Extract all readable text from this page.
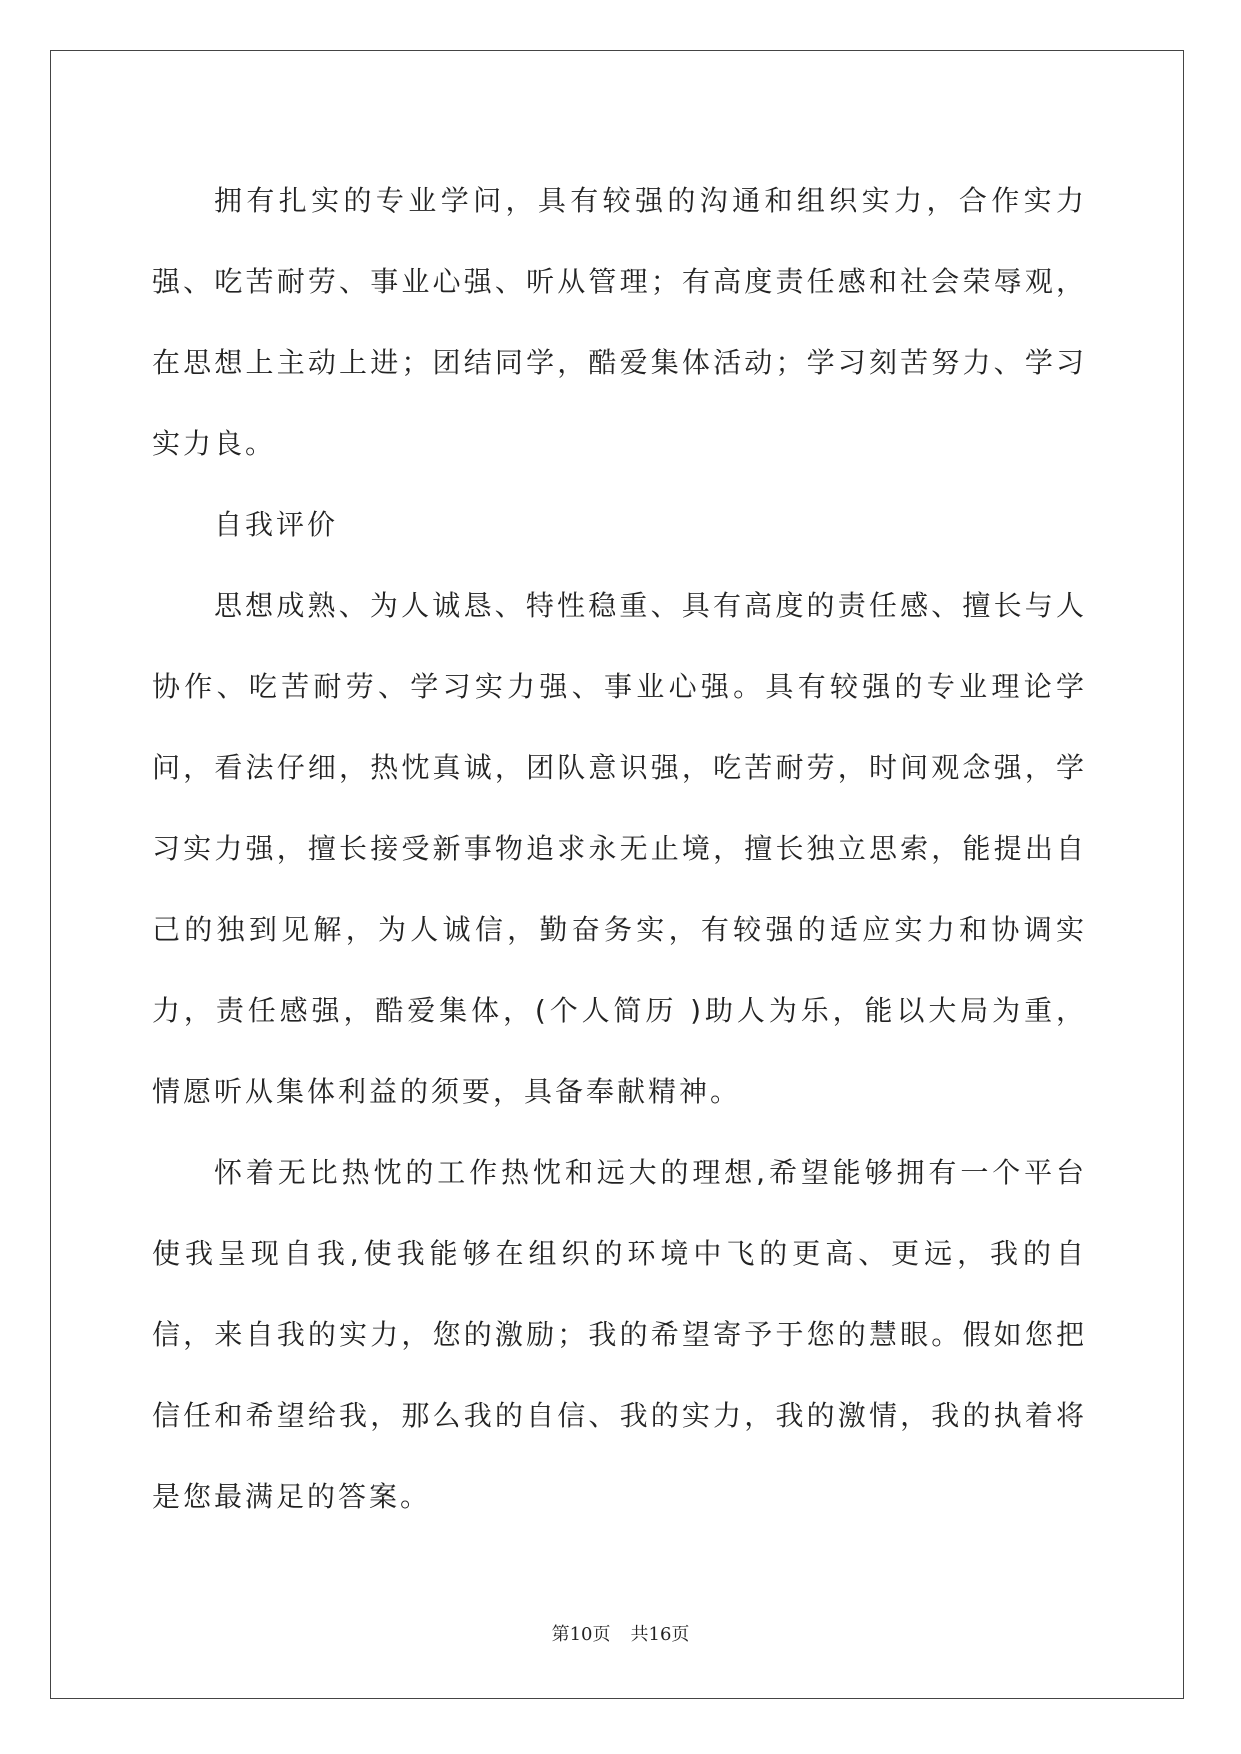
拥有扎实的专业学问，具有较强的沟通和组织实力，合作实力强、吃苦耐劳、事业心强、听从管理；有高度责任感和社会荣辱观，在思想上主动上进；团结同学，酷爱集体活动；学习刻苦努力、学习实力良。

自我评价

思想成熟、为人诚恳、特性稳重、具有高度的责任感、擅长与人协作、吃苦耐劳、学习实力强、事业心强。具有较强的专业理论学问，看法仔细，热忱真诚，团队意识强，吃苦耐劳，时间观念强，学习实力强，擅长接受新事物追求永无止境，擅长独立思索，能提出自己的独到见解，为人诚信，勤奋务实，有较强的适应实力和协调实力，责任感强，酷爱集体，(个人简历 )助人为乐，能以大局为重，情愿听从集体利益的须要，具备奉献精神。

怀着无比热忱的工作热忱和远大的理想,希望能够拥有一个平台使我呈现自我,使我能够在组织的环境中飞的更高、更远，我的自信，来自我的实力，您的激励；我的希望寄予于您的慧眼。假如您把信任和希望给我，那么我的自信、我的实力，我的激情，我的执着将是您最满足的答案。

第10页 共16页
